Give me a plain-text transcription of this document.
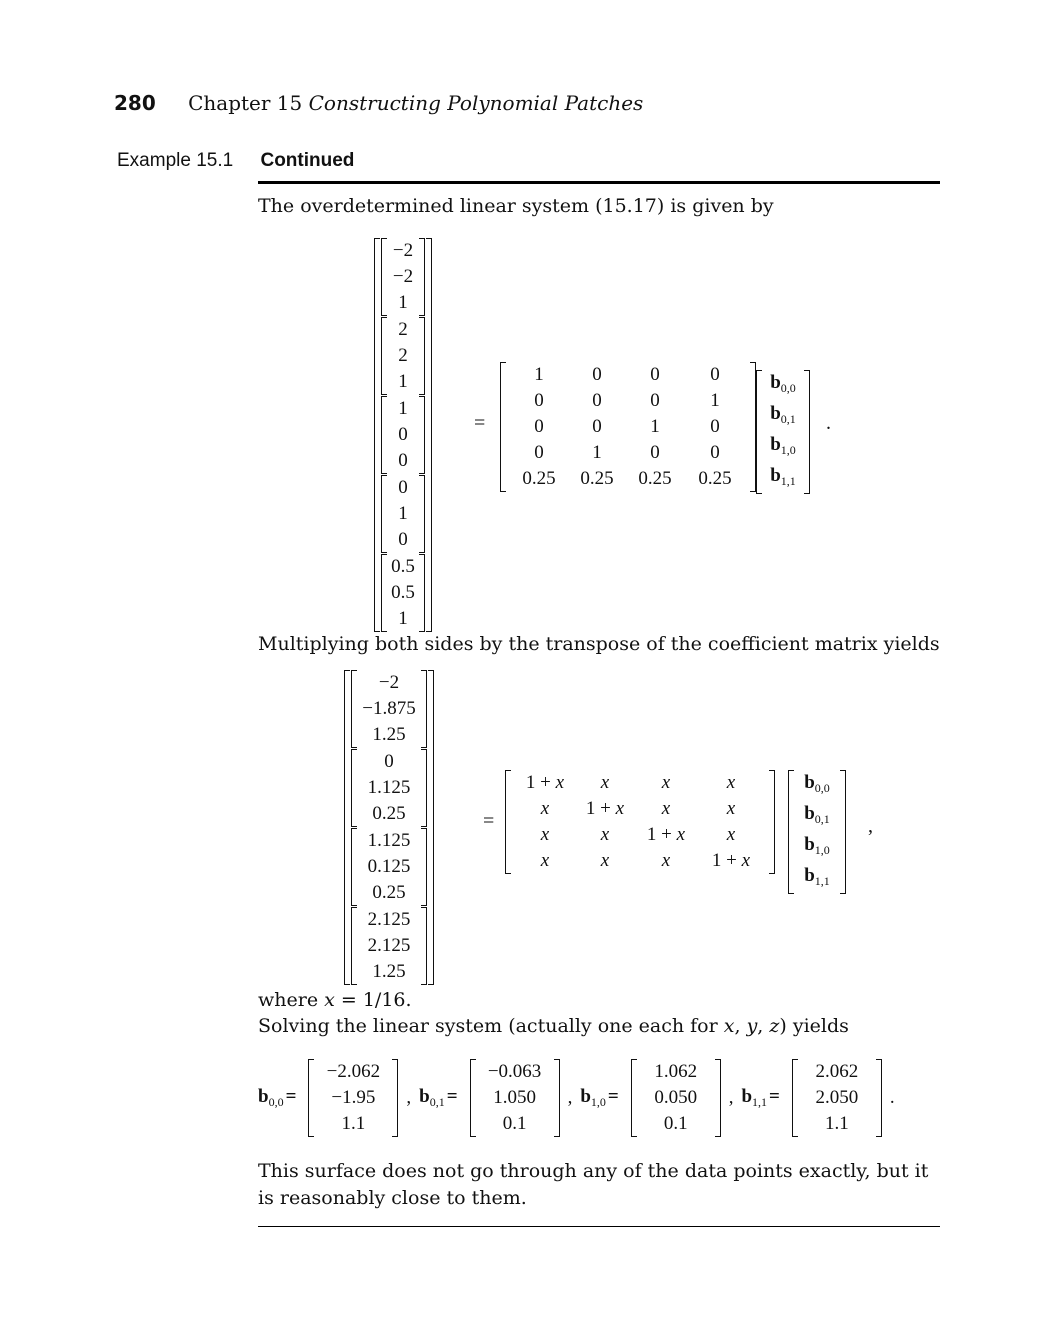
280 Chapter 15 Constructing Polynomial Patches
Example 15.1 Continued
The overdetermined linear system (15.17) is given by
−2
−2
1
2
2
1
1
0
0
0
1
0
0.5
0.5
1
=
1	0	0	0
0	0	0	1
0	0	1	0
0	1	0	0
0.25	0.25	0.25	0.25
$b_{0,0}$
$b_{0,1}$
$b_{1,0}$
$b_{1,1}$
.
Multiplying both sides by the transpose of the coefficient matrix yields
−2
−1.875
1.25
0
1.125
0.25
1.125
0.125
0.25
2.125
2.125
1.25
=
1 + x	x	x	x
x	1 + x	x	x
x	x	1 + x	x
x	x	x	1 + x
$b_{0,0}$
$b_{0,1}$
$b_{1,0}$
$b_{1,1}$
,
where x = 1/16.
Solving the linear system (actually one each for x, y, z) yields
$b_{0,0}$ =
−2.062
−1.95
1.1
, $b_{0,1}$ =
−0.063
1.050
0.1
, $b_{1,0}$ =
1.062
0.050
0.1
, $b_{1,1}$ =
2.062
2.050
1.1
.
This surface does not go through any of the data points exactly, but it is reasonably close to them.
